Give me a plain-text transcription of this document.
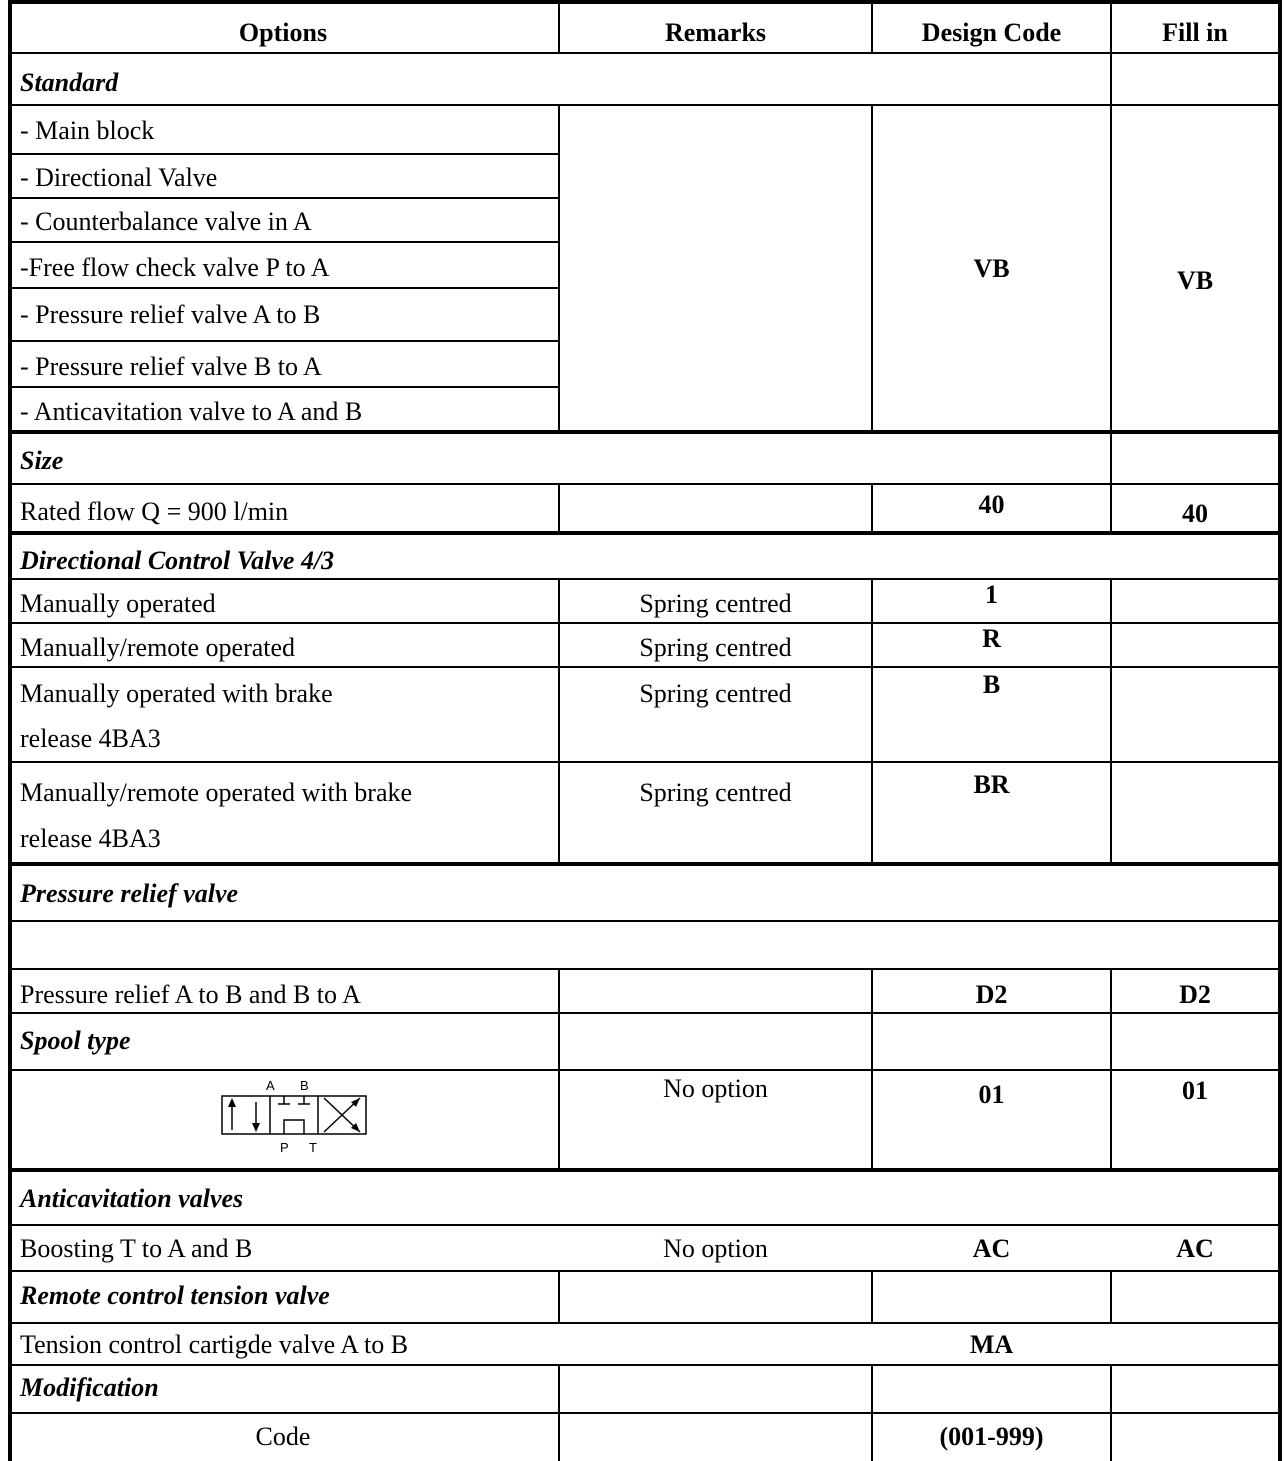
Options	Remarks	Design Code	Fill in
Standard
- Main block
- Directional Valve
- Counterbalance valve in A
-Free flow check valve P to A
- Pressure relief valve A to B
- Pressure relief valve B to A
- Anticavitation valve to A and B
VB	VB
Size
Rated flow Q = 900 l/min	40	40
Directional Control Valve 4/3
Manually operated	Spring centred	1
Manually/remote operated	Spring centred	R
Manually operated with brake
release 4BA3
Spring centred	B
Manually/remote operated with brake
release 4BA3
Spring centred	BR
Pressure relief valve
Pressure relief A to B and B to A	D2	D2
Spool type
A B
P T
No option	01	01
Anticavitation valves
Boosting T to A and B	No option	AC	AC
Remote control tension valve
Tension control cartigde valve A to B	MA
Modification
Code	(001-999)
